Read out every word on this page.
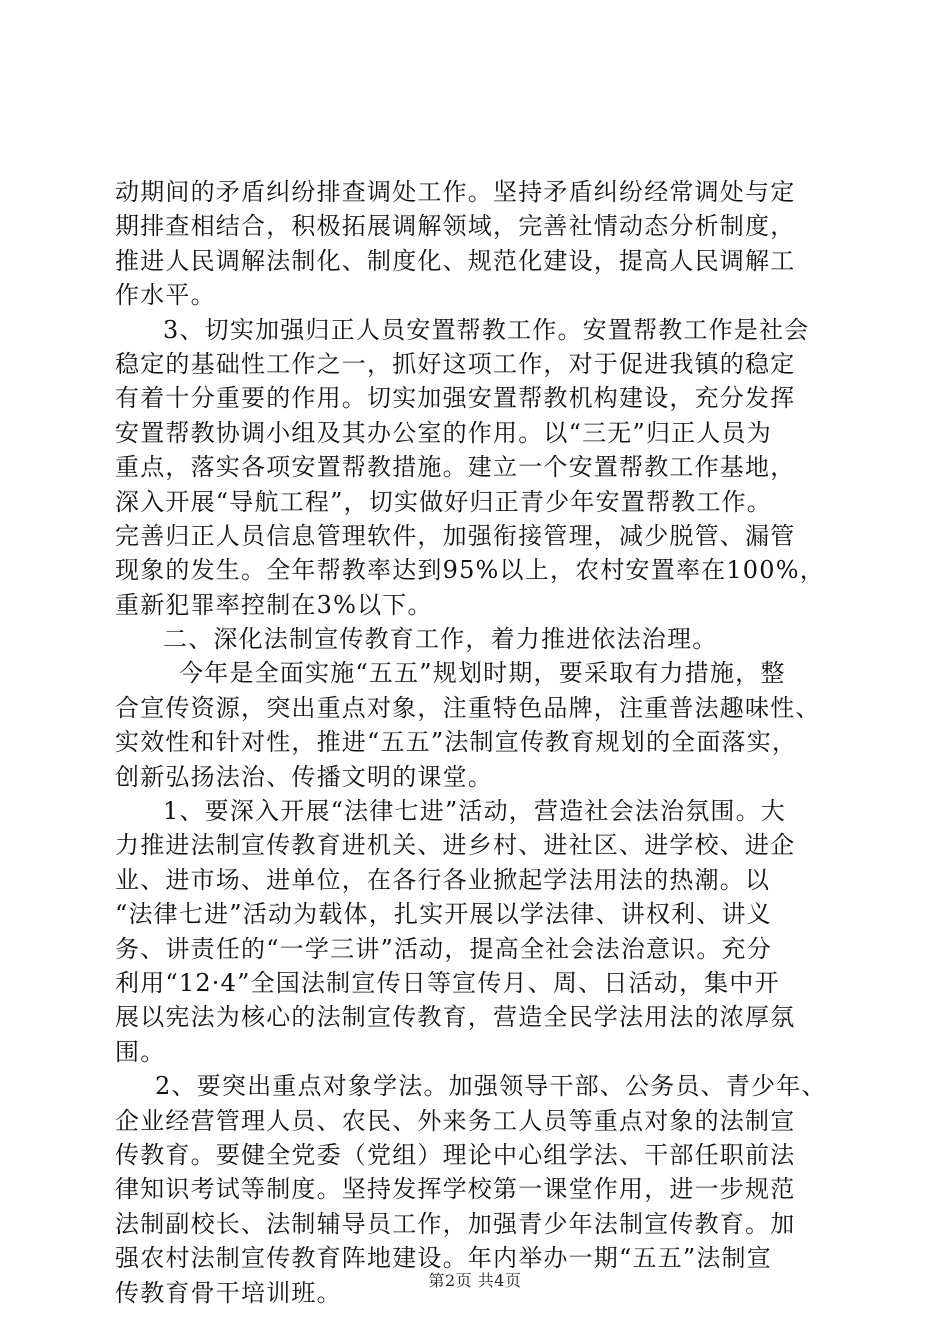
动期间的矛盾纠纷排查调处工作。坚持矛盾纠纷经常调处与定
期排查相结合，积极拓展调解领域，完善社情动态分析制度，
推进人民调解法制化、制度化、规范化建设，提高人民调解工
作水平。
3、切实加强归正人员安置帮教工作。安置帮教工作是社会
稳定的基础性工作之一，抓好这项工作，对于促进我镇的稳定
有着十分重要的作用。切实加强安置帮教机构建设，充分发挥
安置帮教协调小组及其办公室的作用。以“三无”归正人员为
重点，落实各项安置帮教措施。建立一个安置帮教工作基地，
深入开展“导航工程”，切实做好归正青少年安置帮教工作。
完善归正人员信息管理软件，加强衔接管理，减少脱管、漏管
现象的发生。全年帮教率达到95%以上，农村安置率在100%，
重新犯罪率控制在3%以下。
二、深化法制宣传教育工作，着力推进依法治理。
今年是全面实施“五五”规划时期，要采取有力措施，整
合宣传资源，突出重点对象，注重特色品牌，注重普法趣味性、
实效性和针对性，推进“五五”法制宣传教育规划的全面落实，
创新弘扬法治、传播文明的课堂。
1、要深入开展“法律七进”活动，营造社会法治氛围。大
力推进法制宣传教育进机关、进乡村、进社区、进学校、进企
业、进市场、进单位，在各行各业掀起学法用法的热潮。以
“法律七进”活动为载体，扎实开展以学法律、讲权利、讲义
务、讲责任的“一学三讲”活动，提高全社会法治意识。充分
利用“12·4”全国法制宣传日等宣传月、周、日活动，集中开
展以宪法为核心的法制宣传教育，营造全民学法用法的浓厚氛
围。
2、要突出重点对象学法。加强领导干部、公务员、青少年、
企业经营管理人员、农民、外来务工人员等重点对象的法制宣
传教育。要健全党委（党组）理论中心组学法、干部任职前法
律知识考试等制度。坚持发挥学校第一课堂作用，进一步规范
法制副校长、法制辅导员工作，加强青少年法制宣传教育。加
强农村法制宣传教育阵地建设。年内举办一期“五五”法制宣
传教育骨干培训班。	第2页 共4页
